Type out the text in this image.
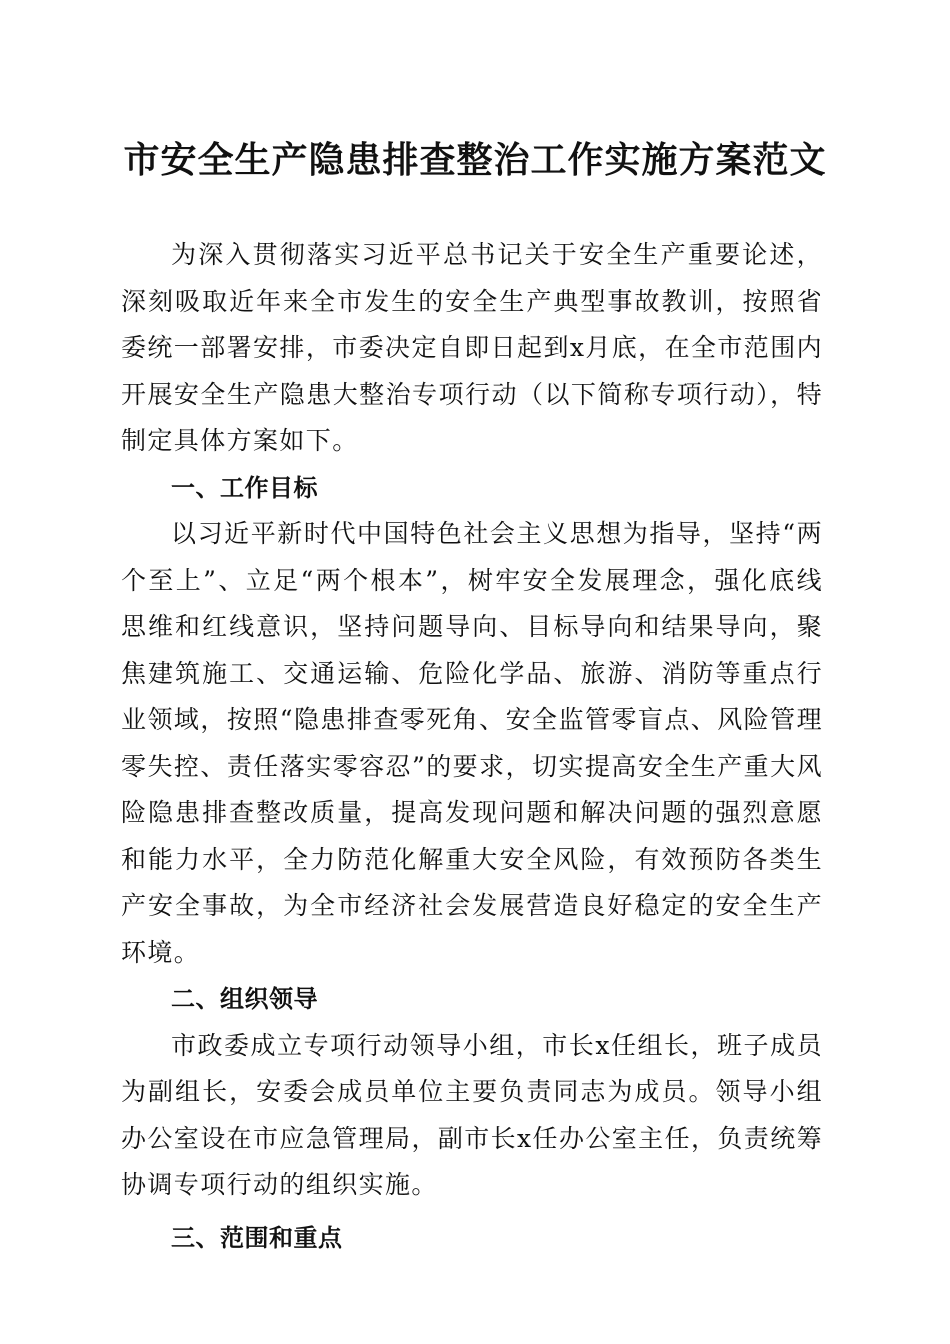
市安全生产隐患排查整治工作实施方案范文

为深入贯彻落实习近平总书记关于安全生产重要论述，深刻吸取近年来全市发生的安全生产典型事故教训，按照省委统一部署安排，市委决定自即日起到x月底，在全市范围内开展安全生产隐患大整治专项行动（以下简称专项行动），特制定具体方案如下。

一、工作目标

以习近平新时代中国特色社会主义思想为指导，坚持“两个至上”、立足“两个根本”，树牢安全发展理念，强化底线思维和红线意识，坚持问题导向、目标导向和结果导向，聚焦建筑施工、交通运输、危险化学品、旅游、消防等重点行业领域，按照“隐患排查零死角、安全监管零盲点、风险管理零失控、责任落实零容忍”的要求，切实提高安全生产重大风险隐患排查整改质量，提高发现问题和解决问题的强烈意愿和能力水平，全力防范化解重大安全风险，有效预防各类生产安全事故，为全市经济社会发展营造良好稳定的安全生产环境。

二、组织领导

市政委成立专项行动领导小组，市长x任组长，班子成员为副组长，安委会成员单位主要负责同志为成员。领导小组办公室设在市应急管理局，副市长x任办公室主任，负责统筹协调专项行动的组织实施。

三、范围和重点
